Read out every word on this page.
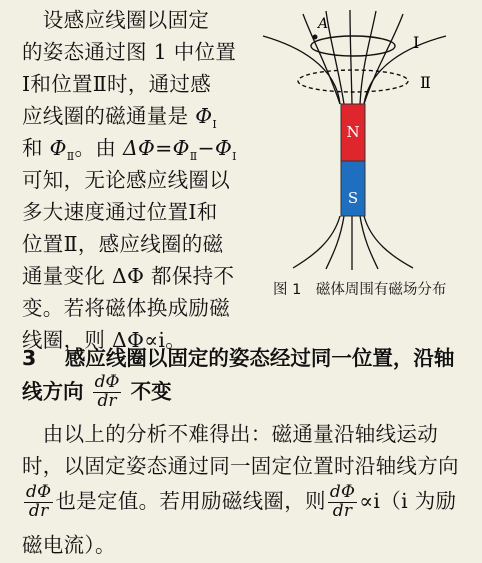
　设感应线圈以固定
的姿态通过图 1 中位置
Ⅰ和位置Ⅱ时，通过感
应线圈的磁通量是 $\Phi_Ⅰ$
和 $\Phi_Ⅱ$。由 $\Delta\Phi=\Phi_Ⅱ-\Phi_Ⅰ$
可知，无论感应线圈以
多大速度通过位置Ⅰ和
位置Ⅱ，感应线圈的磁
通量变化 ΔΦ 都保持不
变。若将磁体换成励磁
线圈，则 ΔΦ∝i。
A
Ⅰ
Ⅱ
N
S
图 1　磁体周围有磁场分布
3 感应线圈以固定的姿态经过同一位置，沿轴
线方向 $\frac{d\Phi}{dr}$ 不变
　由以上的分析不难得出：磁通量沿轴线运动
时，以固定姿态通过同一固定位置时沿轴线方向
$\frac{d\Phi}{dr}$ 也是定值。若用励磁线圈，则 $\frac{d\Phi}{dr} \propto i(i$ 为励
磁电流）。
